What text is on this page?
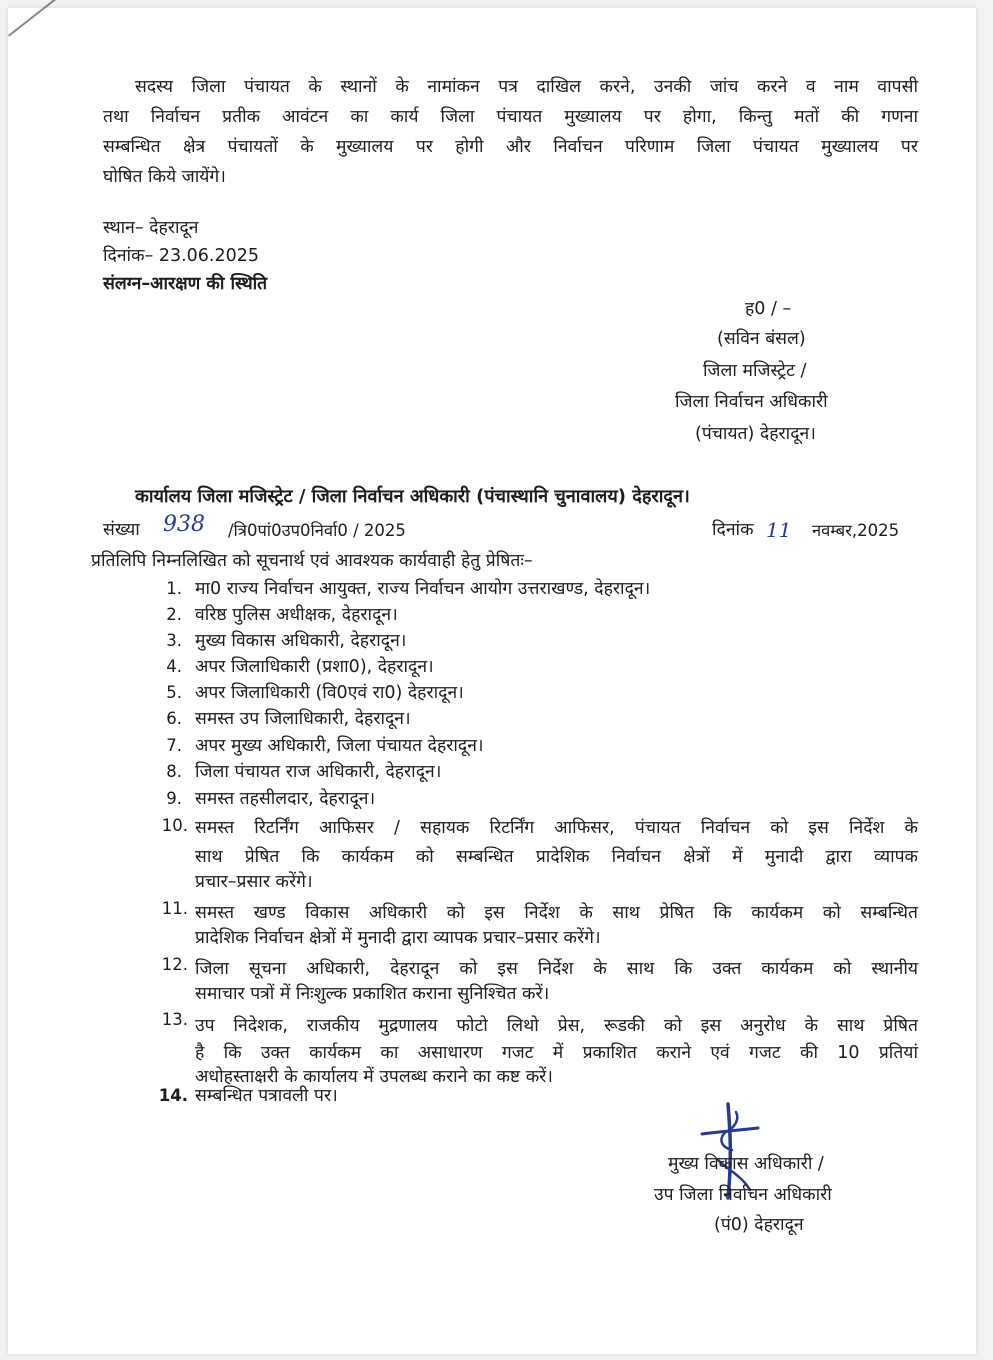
सदस्य जिला पंचायत के स्थानों के नामांकन पत्र दाखिल करने, उनकी जांच करने व नाम वापसी
तथा निर्वाचन प्रतीक आवंटन का कार्य जिला पंचायत मुख्यालय पर होगा, किन्तु मतों की गणना
सम्बन्धित क्षेत्र पंचायतों के मुख्यालय पर होगी और निर्वाचन परिणाम जिला पंचायत मुख्यालय पर
घोषित किये जायेंगे।
स्थान– देहरादून
दिनांक– 23.06.2025
संलग्न–आरक्षण की स्थिति
ह0 / –
(सविन बंसल)
जिला मजिस्ट्रेट /
जिला निर्वाचन अधिकारी
(पंचायत) देहरादून।
कार्यालय जिला मजिस्ट्रेट / जिला निर्वाचन अधिकारी (पंचास्थानि चुनावालय) देहरादून।
संख्या 938 /त्रि0पां0उप0निर्वा0 / 2025	दिनांक 11 नवम्बर,2025
प्रतिलिपि निम्नलिखित को सूचनार्थ एवं आवश्यक कार्यवाही हेतु प्रेषितः–
1. मा0 राज्य निर्वाचन आयुक्त, राज्य निर्वाचन आयोग उत्तराखण्ड, देहरादून।
2. वरिष्ठ पुलिस अधीक्षक, देहरादून।
3. मुख्य विकास अधिकारी, देहरादून।
4. अपर जिलाधिकारी (प्रशा0), देहरादून।
5. अपर जिलाधिकारी (वि0एवं रा0) देहरादून।
6. समस्त उप जिलाधिकारी, देहरादून।
7. अपर मुख्य अधिकारी, जिला पंचायत देहरादून।
8. जिला पंचायत राज अधिकारी, देहरादून।
9. समस्त तहसीलदार, देहरादून।
10. समस्त रिटर्निंग आफिसर / सहायक रिटर्निंग आफिसर, पंचायत निर्वाचन को इस निर्देश के
साथ प्रेषित कि कार्यकम को सम्बन्धित प्रादेशिक निर्वाचन क्षेत्रों में मुनादी द्वारा व्यापक
प्रचार–प्रसार करेंगे।
11. समस्त खण्ड विकास अधिकारी को इस निर्देश के साथ प्रेषित कि कार्यकम को सम्बन्धित
प्रादेशिक निर्वाचन क्षेत्रों में मुनादी द्वारा व्यापक प्रचार–प्रसार करेंगे।
12. जिला सूचना अधिकारी, देहरादून को इस निर्देश के साथ कि उक्त कार्यकम को स्थानीय
समाचार पत्रों में निःशुल्क प्रकाशित कराना सुनिश्चित करें।
13. उप निदेशक, राजकीय मुद्रणालय फोटो लिथो प्रेस, रूडकी को इस अनुरोध के साथ प्रेषित
है कि उक्त कार्यकम का असाधारण गजट में प्रकाशित कराने एवं गजट की 10 प्रतियां
अधोहस्ताक्षरी के कार्यालय में उपलब्ध कराने का कष्ट करें।
14. सम्बन्धित पत्रावली पर।
मुख्य विकास अधिकारी /
उप जिला निर्वाचन अधिकारी
(पं0) देहरादून
